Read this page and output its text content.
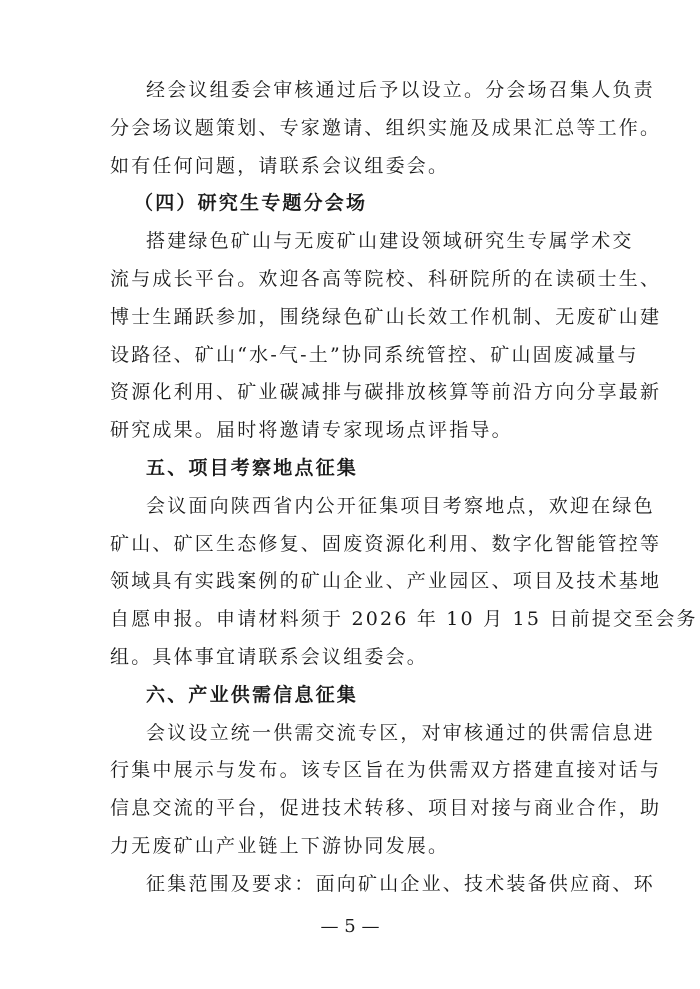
经会议组委会审核通过后予以设立。分会场召集人负责
分会场议题策划、专家邀请、组织实施及成果汇总等工作。
如有任何问题，请联系会议组委会。
（四）研究生专题分会场
搭建绿色矿山与无废矿山建设领域研究生专属学术交
流与成长平台。欢迎各高等院校、科研院所的在读硕士生、
博士生踊跃参加，围绕绿色矿山长效工作机制、无废矿山建
设路径、矿山“水-气-土”协同系统管控、矿山固废减量与
资源化利用、矿业碳减排与碳排放核算等前沿方向分享最新
研究成果。届时将邀请专家现场点评指导。
五、项目考察地点征集
会议面向陕西省内公开征集项目考察地点，欢迎在绿色
矿山、矿区生态修复、固废资源化利用、数字化智能管控等
领域具有实践案例的矿山企业、产业园区、项目及技术基地
自愿申报。申请材料须于 2026 年 10 月 15 日前提交至会务
组。具体事宜请联系会议组委会。
六、产业供需信息征集
会议设立统一供需交流专区，对审核通过的供需信息进
行集中展示与发布。该专区旨在为供需双方搭建直接对话与
信息交流的平台，促进技术转移、项目对接与商业合作，助
力无废矿山产业链上下游协同发展。
征集范围及要求：面向矿山企业、技术装备供应商、环
— 5 —
